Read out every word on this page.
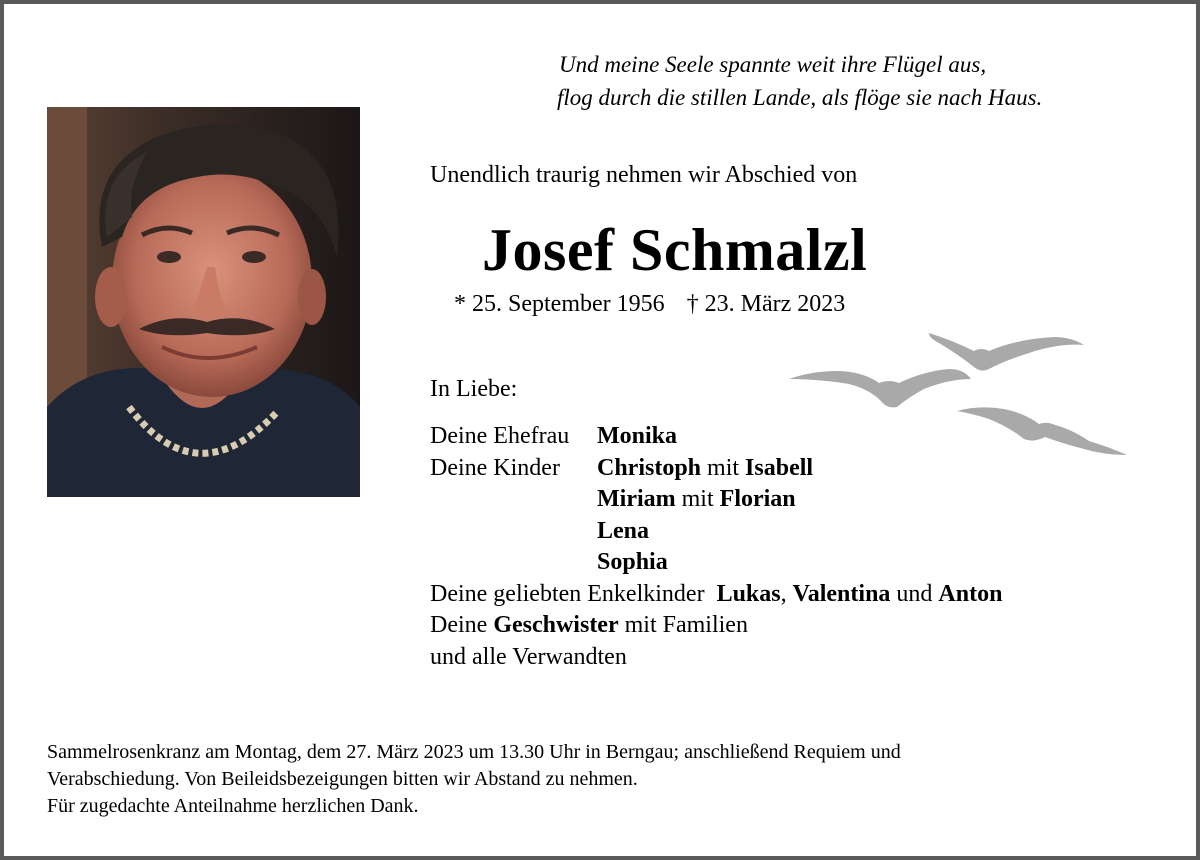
Und meine Seele spannte weit ihre Flügel aus,
flog durch die stillen Lande, als flöge sie nach Haus.
Unendlich traurig nehmen wir Abschied von
Josef Schmalzl
* 25. September 1956 † 23. März 2023
In Liebe:
Deine Ehefrau Monika
Deine Kinder Christoph mit Isabell
Miriam mit Florian
Lena
Sophia
Deine geliebten Enkelkinder Lukas, Valentina und Anton
Deine Geschwister mit Familien
und alle Verwandten
Sammelrosenkranz am Montag, dem 27. März 2023 um 13.30 Uhr in Berngau; anschließend Requiem und
Verabschiedung. Von Beileidsbezeigungen bitten wir Abstand zu nehmen.
Für zugedachte Anteilnahme herzlichen Dank.
